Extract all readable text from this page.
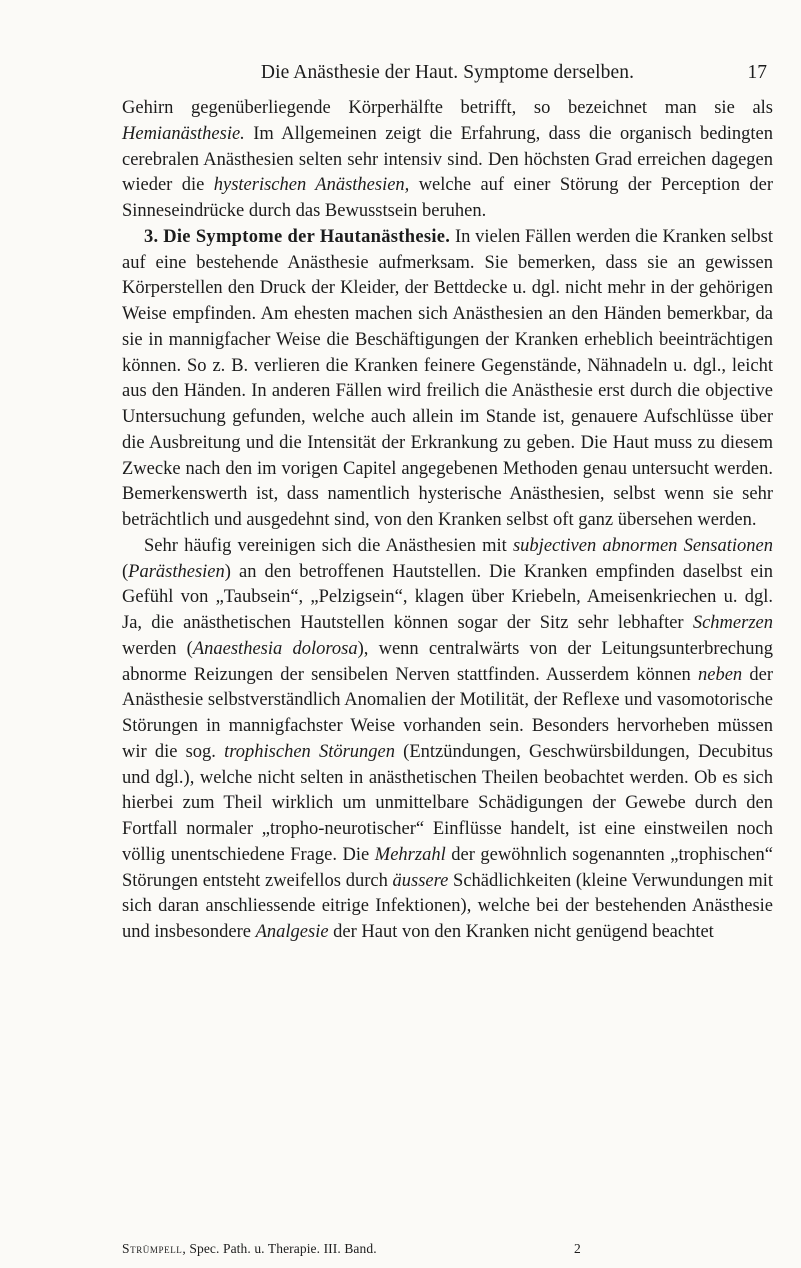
Die Anästhesie der Haut. Symptome derselben.	17

Gehirn gegenüberliegende Körperhälfte betrifft, so bezeichnet man sie als Hemianästhesie. Im Allgemeinen zeigt die Erfahrung, dass die organisch bedingten cerebralen Anästhesien selten sehr intensiv sind. Den höchsten Grad erreichen dagegen wieder die hysterischen Anästhesien, welche auf einer Störung der Perception der Sinneseindrücke durch das Bewusstsein beruhen.

3. Die Symptome der Hautanästhesie. In vielen Fällen werden die Kranken selbst auf eine bestehende Anästhesie aufmerksam. Sie bemerken, dass sie an gewissen Körperstellen den Druck der Kleider, der Bettdecke u. dgl. nicht mehr in der gehörigen Weise empfinden. Am ehesten machen sich Anästhesien an den Händen bemerkbar, da sie in mannigfacher Weise die Beschäftigungen der Kranken erheblich beeinträchtigen können. So z. B. verlieren die Kranken feinere Gegenstände, Nähnadeln u. dgl., leicht aus den Händen. In anderen Fällen wird freilich die Anästhesie erst durch die objective Untersuchung gefunden, welche auch allein im Stande ist, genauere Aufschlüsse über die Ausbreitung und die Intensität der Erkrankung zu geben. Die Haut muss zu diesem Zwecke nach den im vorigen Capitel angegebenen Methoden genau untersucht werden. Bemerkenswerth ist, dass namentlich hysterische Anästhesien, selbst wenn sie sehr beträchtlich und ausgedehnt sind, von den Kranken selbst oft ganz übersehen werden.

Sehr häufig vereinigen sich die Anästhesien mit subjectiven abnormen Sensationen (Parästhesien) an den betroffenen Hautstellen. Die Kranken empfinden daselbst ein Gefühl von „Taubsein“, „Pelzigsein“, klagen über Kriebeln, Ameisenkriechen u. dgl. Ja, die anästhetischen Hautstellen können sogar der Sitz sehr lebhafter Schmerzen werden (Anaesthesia dolorosa), wenn centralwärts von der Leitungsunterbrechung abnorme Reizungen der sensibelen Nerven stattfinden. Ausserdem können neben der Anästhesie selbstverständlich Anomalien der Motilität, der Reflexe und vasomotorische Störungen in mannigfachster Weise vorhanden sein. Besonders hervorheben müssen wir die sog. trophischen Störungen (Entzündungen, Geschwürsbildungen, Decubitus und dgl.), welche nicht selten in anästhetischen Theilen beobachtet werden. Ob es sich hierbei zum Theil wirklich um unmittelbare Schädigungen der Gewebe durch den Fortfall normaler „tropho-neurotischer“ Einflüsse handelt, ist eine einstweilen noch völlig unentschiedene Frage. Die Mehrzahl der gewöhnlich sogenannten „trophischen“ Störungen entsteht zweifellos durch äussere Schädlichkeiten (kleine Verwundungen mit sich daran anschliessende eitrige Infektionen), welche bei der bestehenden Anästhesie und insbesondere Analgesie der Haut von den Kranken nicht genügend beachtet

Strümpell, Spec. Path. u. Therapie. III. Band.	2
